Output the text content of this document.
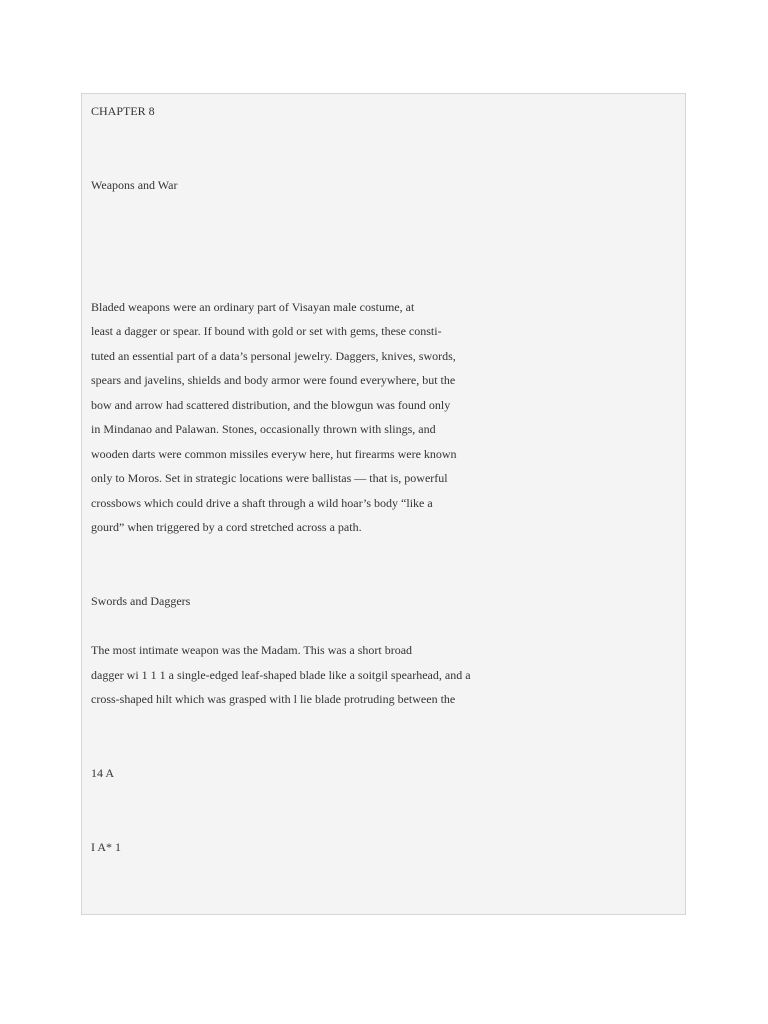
CHAPTER 8
Weapons and War
Bladed weapons were an ordinary part of Visayan male costume, at
least a dagger or spear. If bound with gold or set with gems, these consti-
tuted an essential part of a data’s personal jewelry. Daggers, knives, swords,
spears and javelins, shields and body armor were found everywhere, but the
bow and arrow had scattered distribution, and the blowgun was found only
in Mindanao and Palawan. Stones, occasionally thrown with slings, and
wooden darts were common missiles everyw here, hut firearms were known
only to Moros. Set in strategic locations were ballistas — that is, powerful
crossbows which could drive a shaft through a wild hoar’s body “like a
gourd” when triggered by a cord stretched across a path.
Swords and Daggers
The most intimate weapon was the Madam. This was a short broad
dagger wi 1 1 1 a single-edged leaf-shaped blade like a soitgil spearhead, and a
cross-shaped hilt which was grasped with l lie blade protruding between the
14 A
I A* 1
